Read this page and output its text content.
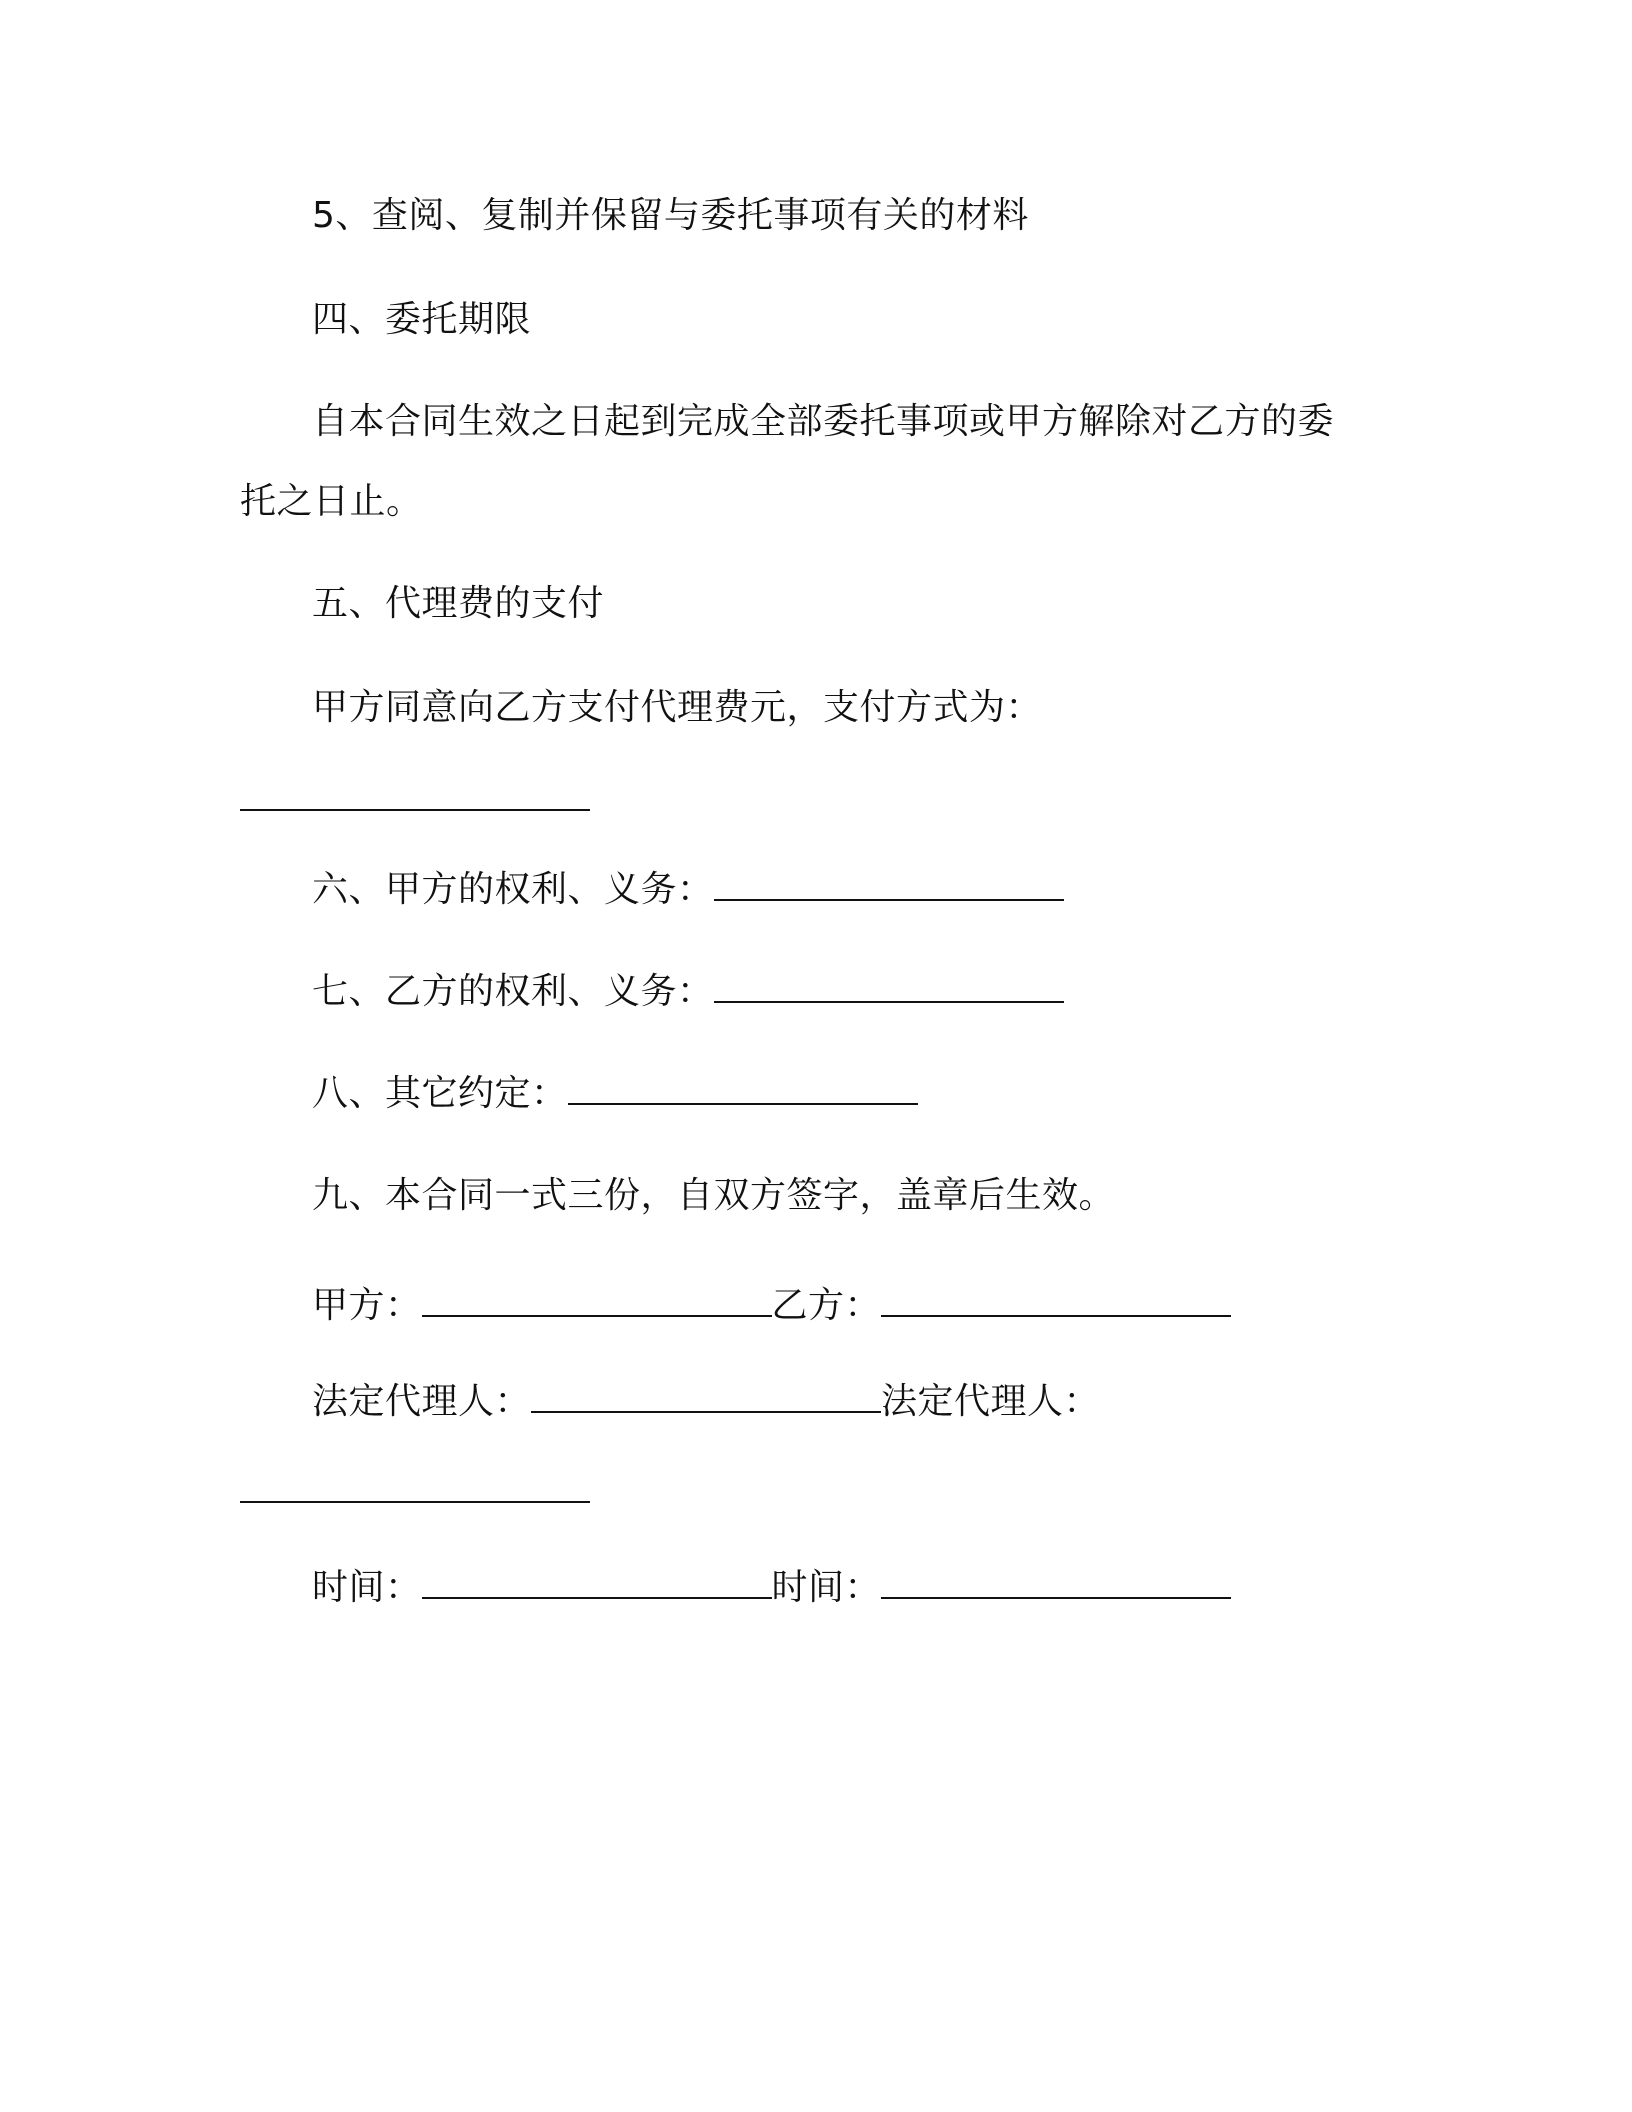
5、查阅、复制并保留与委托事项有关的材料
四、委托期限
自本合同生效之日起到完成全部委托事项或甲方解除对乙方的委
托之日止。
五、代理费的支付
甲方同意向乙方支付代理费元，支付方式为：
六、甲方的权利、义务：
七、乙方的权利、义务：
八、其它约定：
九、本合同一式三份，自双方签字，盖章后生效。
甲方：	乙方：
法定代理人：	法定代理人：
时间：	时间：
